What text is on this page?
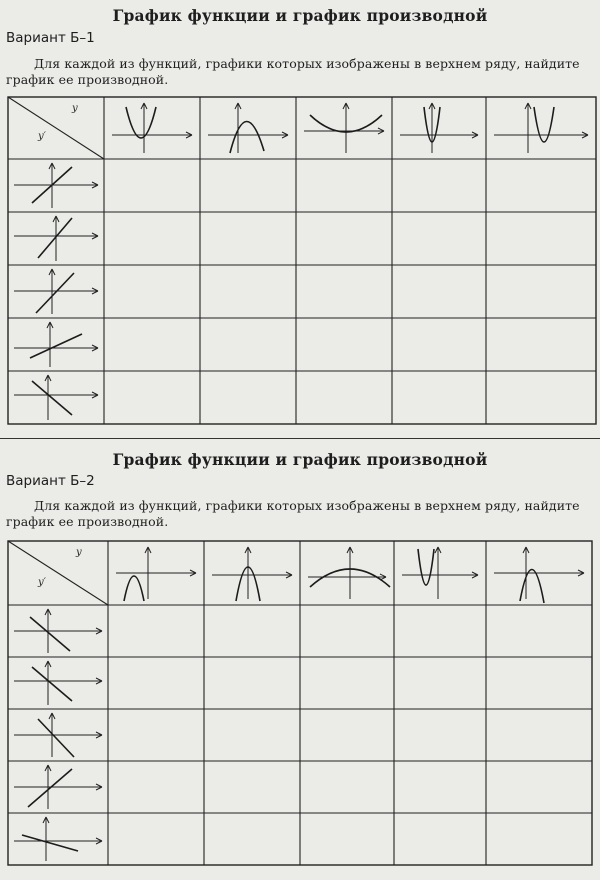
График функции и график производной
Вариант Б–1
Для каждой из функций, графики которых изображены в верхнем ряду, найдите график ее производной.
y
y′
График функции и график производной
Вариант Б–2
Для каждой из функций, графики которых изображены в верхнем ряду, найдите график ее производной.
y
y′
